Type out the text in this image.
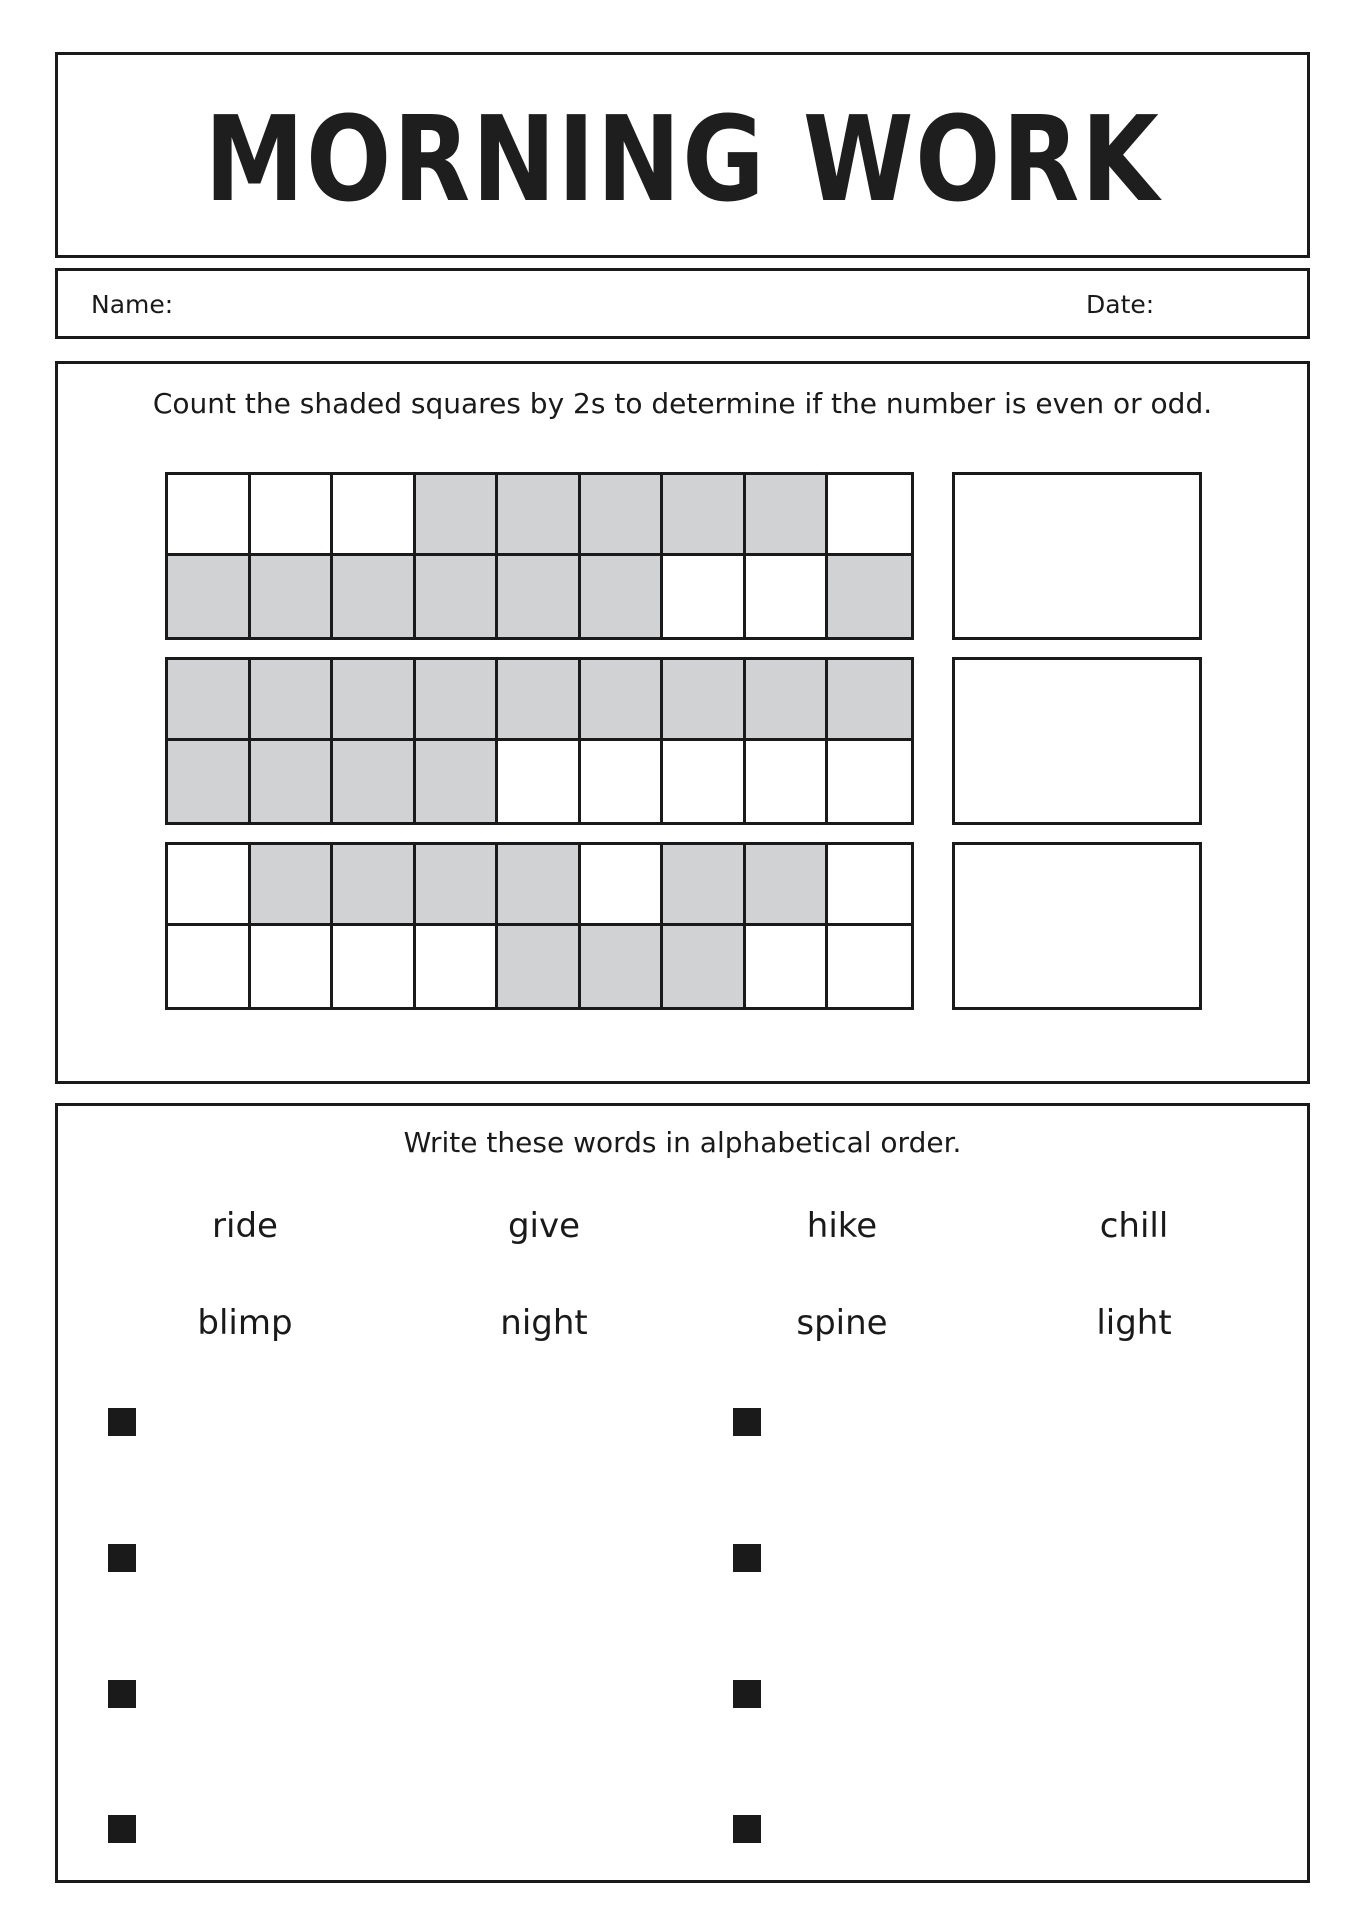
MORNING WORK
Name:	Date:
Count the shaded squares by 2s to determine if the number is even or odd.
Write these words in alphabetical order.
ride	give	hike	chill
blimp	night	spine	light
